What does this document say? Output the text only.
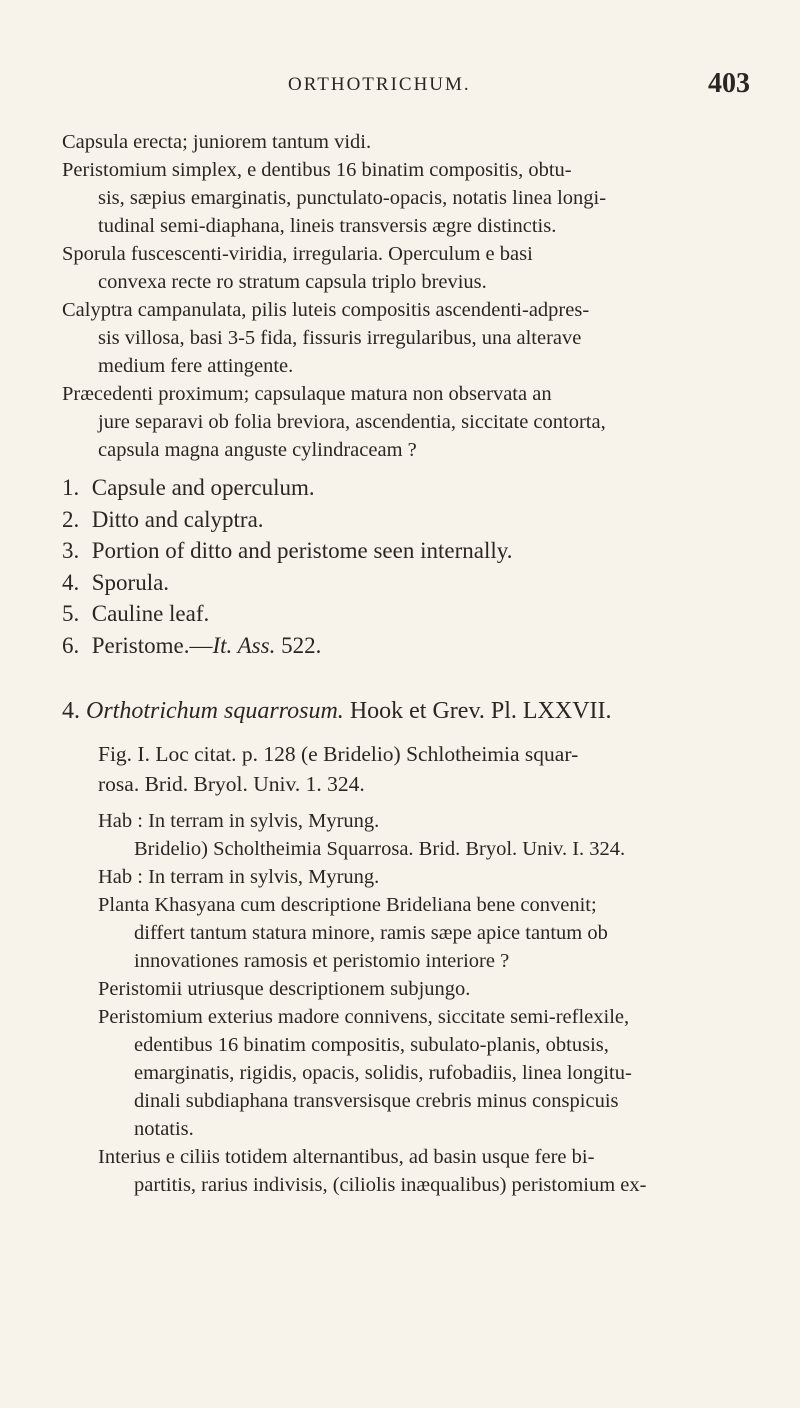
ORTHOTRICHUM.	403
Capsula erecta; juniorem tantum vidi.
Peristomium simplex, e dentibus 16 binatim compositis, obtu-
sis, sæpius emarginatis, punctulato-opacis, notatis linea longi-
tudinal semi-diaphana, lineis transversis ægre distinctis.
Sporula fuscescenti-viridia, irregularia. Operculum e basi
convexa recte ro stratum capsula triplo brevius.
Calyptra campanulata, pilis luteis compositis ascendenti-adpres-
sis villosa, basi 3-5 fida, fissuris irregularibus, una alterave
medium fere attingente.
Præcedenti proximum; capsulaque matura non observata an
jure separavi ob folia breviora, ascendentia, siccitate contorta,
capsula magna anguste cylindraceam ?
1. Capsule and operculum.
2. Ditto and calyptra.
3. Portion of ditto and peristome seen internally.
4. Sporula.
5. Cauline leaf.
6. Peristome.—It. Ass. 522.
4. Orthotrichum squarrosum. Hook et Grev. Pl. LXXVII.
Fig. I. Loc citat. p. 128 (e Bridelio) Schlotheimia squar-
rosa. Brid. Bryol. Univ. 1. 324.
Hab : In terram in sylvis, Myrung.
Bridelio) Scholtheimia Squarrosa. Brid. Bryol. Univ. I. 324.
Hab : In terram in sylvis, Myrung.
Planta Khasyana cum descriptione Brideliana bene convenit;
differt tantum statura minore, ramis sæpe apice tantum ob
innovationes ramosis et peristomio interiore ?
Peristomii utriusque descriptionem subjungo.
Peristomium exterius madore connivens, siccitate semi-reflexile,
edentibus 16 binatim compositis, subulato-planis, obtusis,
emarginatis, rigidis, opacis, solidis, rufobadiis, linea longitu-
dinali subdiaphana transversisque crebris minus conspicuis
notatis.
Interius e ciliis totidem alternantibus, ad basin usque fere bi-
partitis, rarius indivisis, (ciliolis inæqualibus) peristomium ex-
